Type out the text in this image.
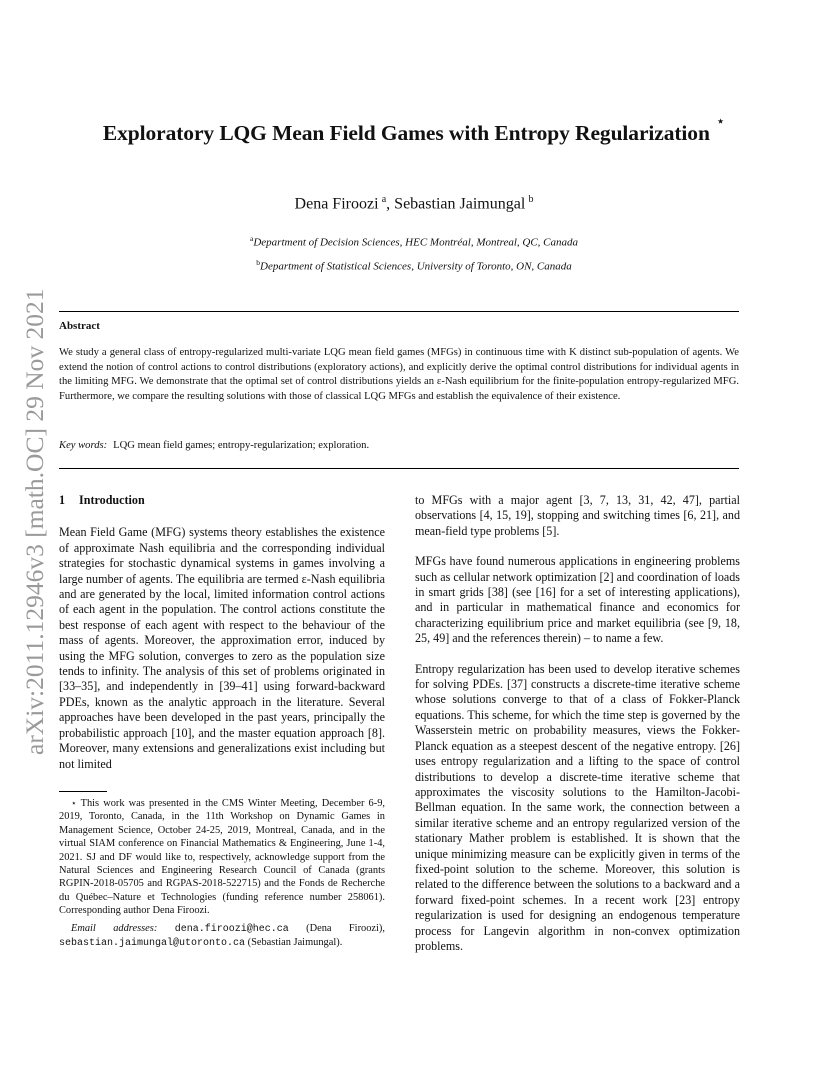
arXiv:2011.12946v3 [math.OC] 29 Nov 2021
Exploratory LQG Mean Field Games with Entropy Regularization ⋆
Dena Firoozi  $^a$, Sebastian Jaimungal  $^b$
$^a$Department of Decision Sciences, HEC Montréal, Montreal, QC, Canada
$^b$Department of Statistical Sciences, University of Toronto, ON, Canada
Abstract
We study a general class of entropy-regularized multi-variate LQG mean field games (MFGs) in continuous time with K distinct sub-population of agents. We extend the notion of control actions to control distributions (exploratory actions), and explicitly derive the optimal control distributions for individual agents in the limiting MFG. We demonstrate that the optimal set of control distributions yields an ε-Nash equilibrium for the finite-population entropy-regularized MFG. Furthermore, we compare the resulting solutions with those of classical LQG MFGs and establish the equivalence of their existence.
Key words: LQG mean field games; entropy-regularization; exploration.

1 Introduction

Mean Field Game (MFG) systems theory establishes the existence of approximate Nash equilibria and the corresponding individual strategies for stochastic dynamical systems in games involving a large number of agents. The equilibria are termed ε-Nash equilibria and are generated by the local, limited information control actions of each agent in the population. The control actions constitute the best response of each agent with respect to the behaviour of the mass of agents. Moreover, the approximation error, induced by using the MFG solution, converges to zero as the population size tends to infinity. The analysis of this set of problems originated in [33–35], and independently in [39–41] using forward-backward PDEs, known as the analytic approach in the literature. Several approaches have been developed in the past years, principally the probabilistic approach [10], and the master equation approach [8]. Moreover, many extensions and generalizations exist including but not limited

to MFGs with a major agent [3, 7, 13, 31, 42, 47], partial observations [4, 15, 19], stopping and switching times [6, 21], and mean-field type problems [5].

MFGs have found numerous applications in engineering problems such as cellular network optimization [2] and coordination of loads in smart grids [38] (see [16] for a set of interesting applications), and in particular in mathematical finance and economics for characterizing equilibrium price and market equilibria (see [9, 18, 25, 49] and the references therein) – to name a few.

Entropy regularization has been used to develop iterative schemes for solving PDEs. [37] constructs a discrete-time iterative scheme whose solutions converge to that of a class of Fokker-Planck equations. This scheme, for which the time step is governed by the Wasserstein metric on probability measures, views the Fokker-Planck equation as a steepest descent of the negative entropy. [26] uses entropy regularization and a lifting to the space of control distributions to develop a discrete-time iterative scheme that approximates the viscosity solutions to the Hamilton-Jacobi-Bellman equation. In the same work, the connection between a similar iterative scheme and an entropy regularized version of the stationary Mather problem is established. It is shown that the unique minimizing measure can be explicitly given in terms of the fixed-point solution to the scheme. Moreover, this solution is related to the difference between the solutions to a backward and a forward fixed-point schemes. In a recent work [23] entropy regularization is used for designing an endogenous temperature process for Langevin algorithm in non-convex optimization problems.

⋆ This work was presented in the CMS Winter Meeting, December 6-9, 2019, Toronto, Canada, in the 11th Workshop on Dynamic Games in Management Science, October 24-25, 2019, Montreal, Canada, and in the virtual SIAM conference on Financial Mathematics & Engineering, June 1-4, 2021. SJ and DF would like to, respectively, acknowledge support from the Natural Sciences and Engineering Research Council of Canada (grants RGPIN-2018-05705 and RGPAS-2018-522715) and the Fonds de Recherche du Québec–Nature et Technologies (funding reference number 258061). Corresponding author Dena Firoozi.

Email addresses: dena.firoozi@hec.ca (Dena Firoozi), sebastian.jaimungal@utoronto.ca (Sebastian Jaimungal).
